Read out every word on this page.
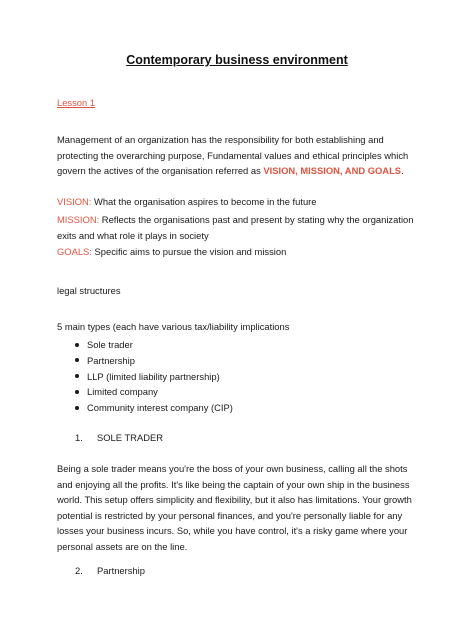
Contemporary business environment
Lesson 1
Management of an organization has the responsibility for both establishing and protecting the overarching purpose, Fundamental values and ethical principles which govern the actives of the organisation referred as VISION, MISSION, AND GOALS.
VISION: What the organisation aspires to become in the future
MISSION: Reflects the organisations past and present by stating why the organization exits and what role it plays in society
GOALS: Specific aims to pursue the vision and mission
legal structures
5 main types (each have various tax/liability implications
Sole trader
Partnership
LLP (limited liability partnership)
Limited company
Community interest company (CIP)
1. SOLE TRADER
Being a sole trader means you're the boss of your own business, calling all the shots and enjoying all the profits. It's like being the captain of your own ship in the business world. This setup offers simplicity and flexibility, but it also has limitations. Your growth potential is restricted by your personal finances, and you're personally liable for any losses your business incurs. So, while you have control, it's a risky game where your personal assets are on the line.
2. Partnership
